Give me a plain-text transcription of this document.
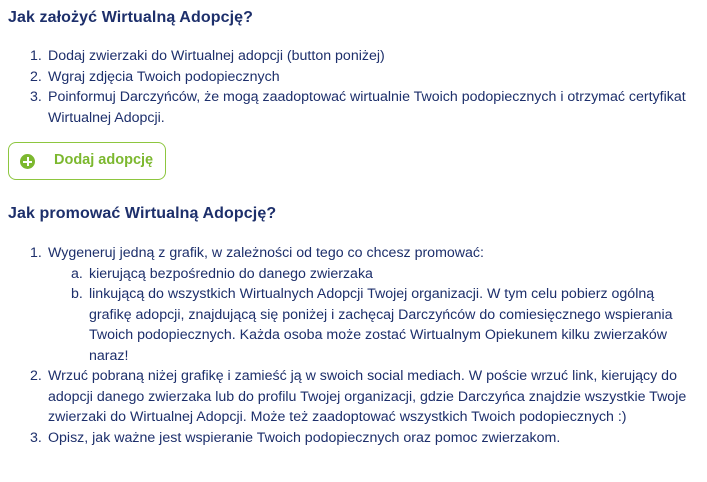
Jak założyć Wirtualną Adopcję?
1. Dodaj zwierzaki do Wirtualnej adopcji (button poniżej)
2. Wgraj zdjęcia Twoich podopiecznych
3. Poinformuj Darczyńców, że mogą zaadoptować wirtualnie Twoich podopiecznych i otrzymać certyfikat Wirtualnej Adopcji.
Dodaj adopcję
Jak promować Wirtualną Adopcję?
1. Wygeneruj jedną z grafik, w zależności od tego co chcesz promować:
a. kierującą bezpośrednio do danego zwierzaka
b. linkującą do wszystkich Wirtualnych Adopcji Twojej organizacji. W tym celu pobierz ogólną grafikę adopcji, znajdującą się poniżej i zachęcaj Darczyńców do comiesięcznego wspierania Twoich podopiecznych. Każda osoba może zostać Wirtualnym Opiekunem kilku zwierzaków naraz!
2. Wrzuć pobraną niżej grafikę i zamieść ją w swoich social mediach. W poście wrzuć link, kierujący do adopcji danego zwierzaka lub do profilu Twojej organizacji, gdzie Darczyńca znajdzie wszystkie Twoje zwierzaki do Wirtualnej Adopcji. Może też zaadoptować wszystkich Twoich podopiecznych :)
3. Opisz, jak ważne jest wspieranie Twoich podopiecznych oraz pomoc zwierzakom.
